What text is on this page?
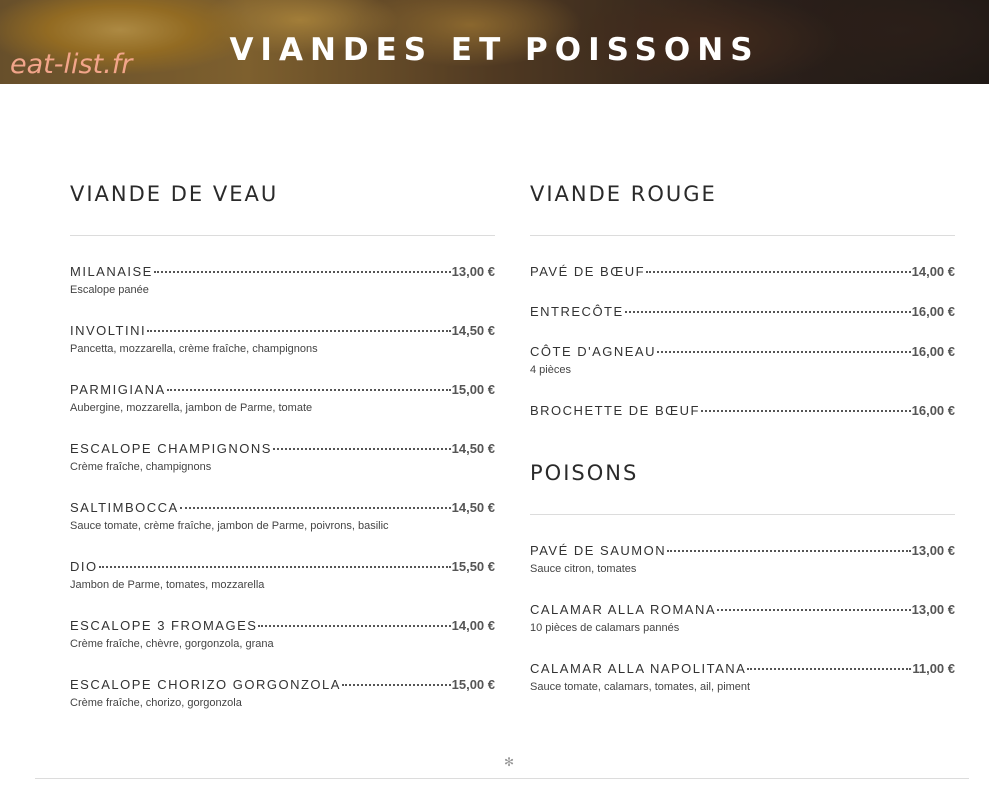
VIANDES ET POISSONS
eat-list.fr
VIANDE DE VEAU
MILANAISE	13,00 €
Escalope panée
INVOLTINI	14,50 €
Pancetta, mozzarella, crème fraîche, champignons
PARMIGIANA	15,00 €
Aubergine, mozzarella, jambon de Parme, tomate
ESCALOPE CHAMPIGNONS	14,50 €
Crème fraîche, champignons
SALTIMBOCCA	14,50 €
Sauce tomate, crème fraîche, jambon de Parme, poivrons, basilic
DIO	15,50 €
Jambon de Parme, tomates, mozzarella
ESCALOPE 3 FROMAGES	14,00 €
Crème fraîche, chèvre, gorgonzola, grana
ESCALOPE CHORIZO GORGONZOLA	15,00 €
Crème fraîche, chorizo, gorgonzola
VIANDE ROUGE
PAVÉ DE BŒUF	14,00 €
ENTRECÔTE	16,00 €
CÔTE D'AGNEAU	16,00 €
4 pièces
BROCHETTE DE BŒUF	16,00 €
POISONS
PAVÉ DE SAUMON	13,00 €
Sauce citron, tomates
CALAMAR ALLA ROMANA	13,00 €
10 pièces de calamars pannés
CALAMAR ALLA NAPOLITANA	11,00 €
Sauce tomate, calamars, tomates, ail, piment
✻
